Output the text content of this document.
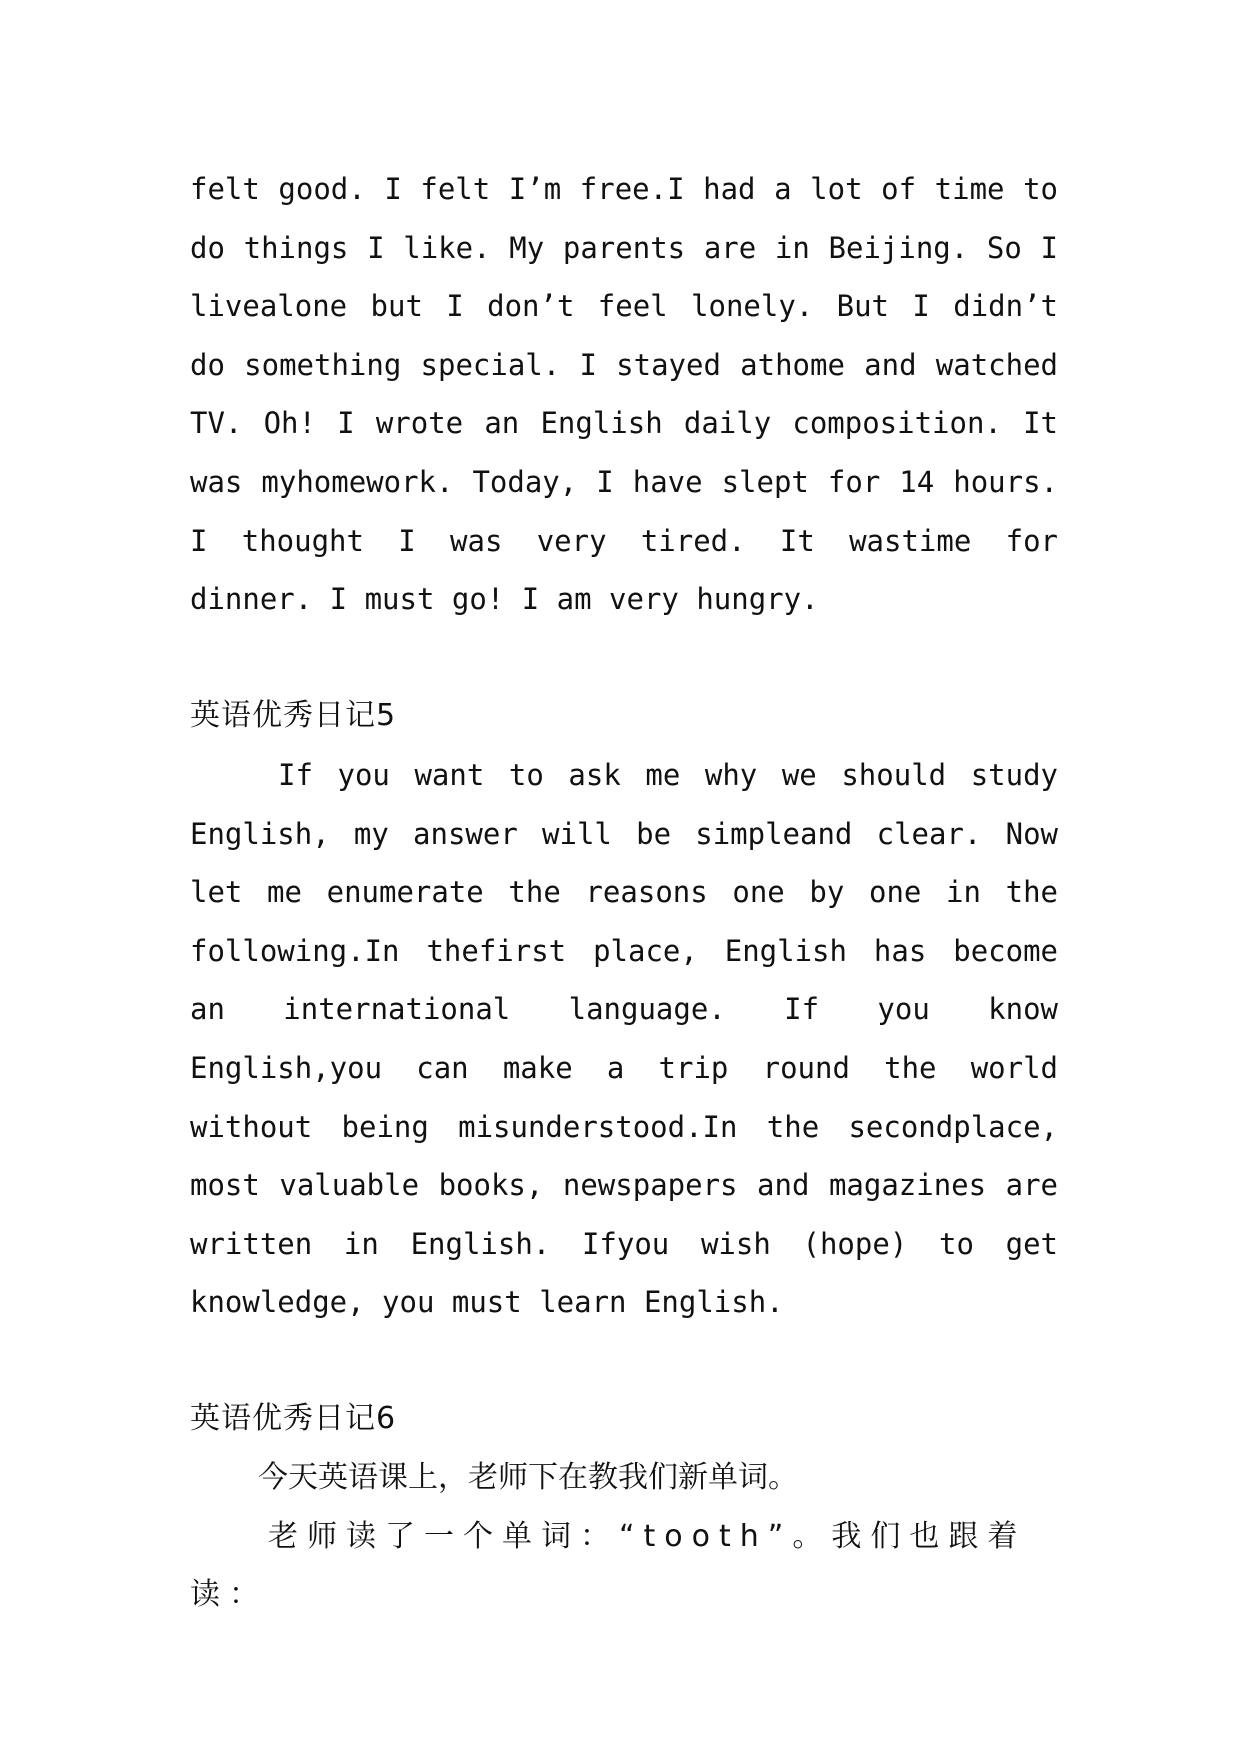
felt good. I felt I’m free.I had a lot of time to do things I like. My parents are in Beijing. So I livealone but I don’t feel lonely. But I didn’t do something special. I stayed athome and watched TV. Oh! I wrote an English daily composition. It was myhomework. Today, I have slept for 14 hours. I thought I was very tired. It wastime for dinner. I must go! I am very hungry.

英语优秀日记5

If you want to ask me why we should study English, my answer will be simpleand clear. Now let me enumerate the reasons one by one in the following.In thefirst place, English has become an international language. If you know English,you can make a trip round the world without being misunderstood.In the secondplace, most valuable books, newspapers and magazines are written in English. Ifyou wish (hope) to get knowledge, you must learn English.

英语优秀日记6

今天英语课上，老师下在教我们新单词。

老师读了一个单词：“tooth”。我们也跟着读：
